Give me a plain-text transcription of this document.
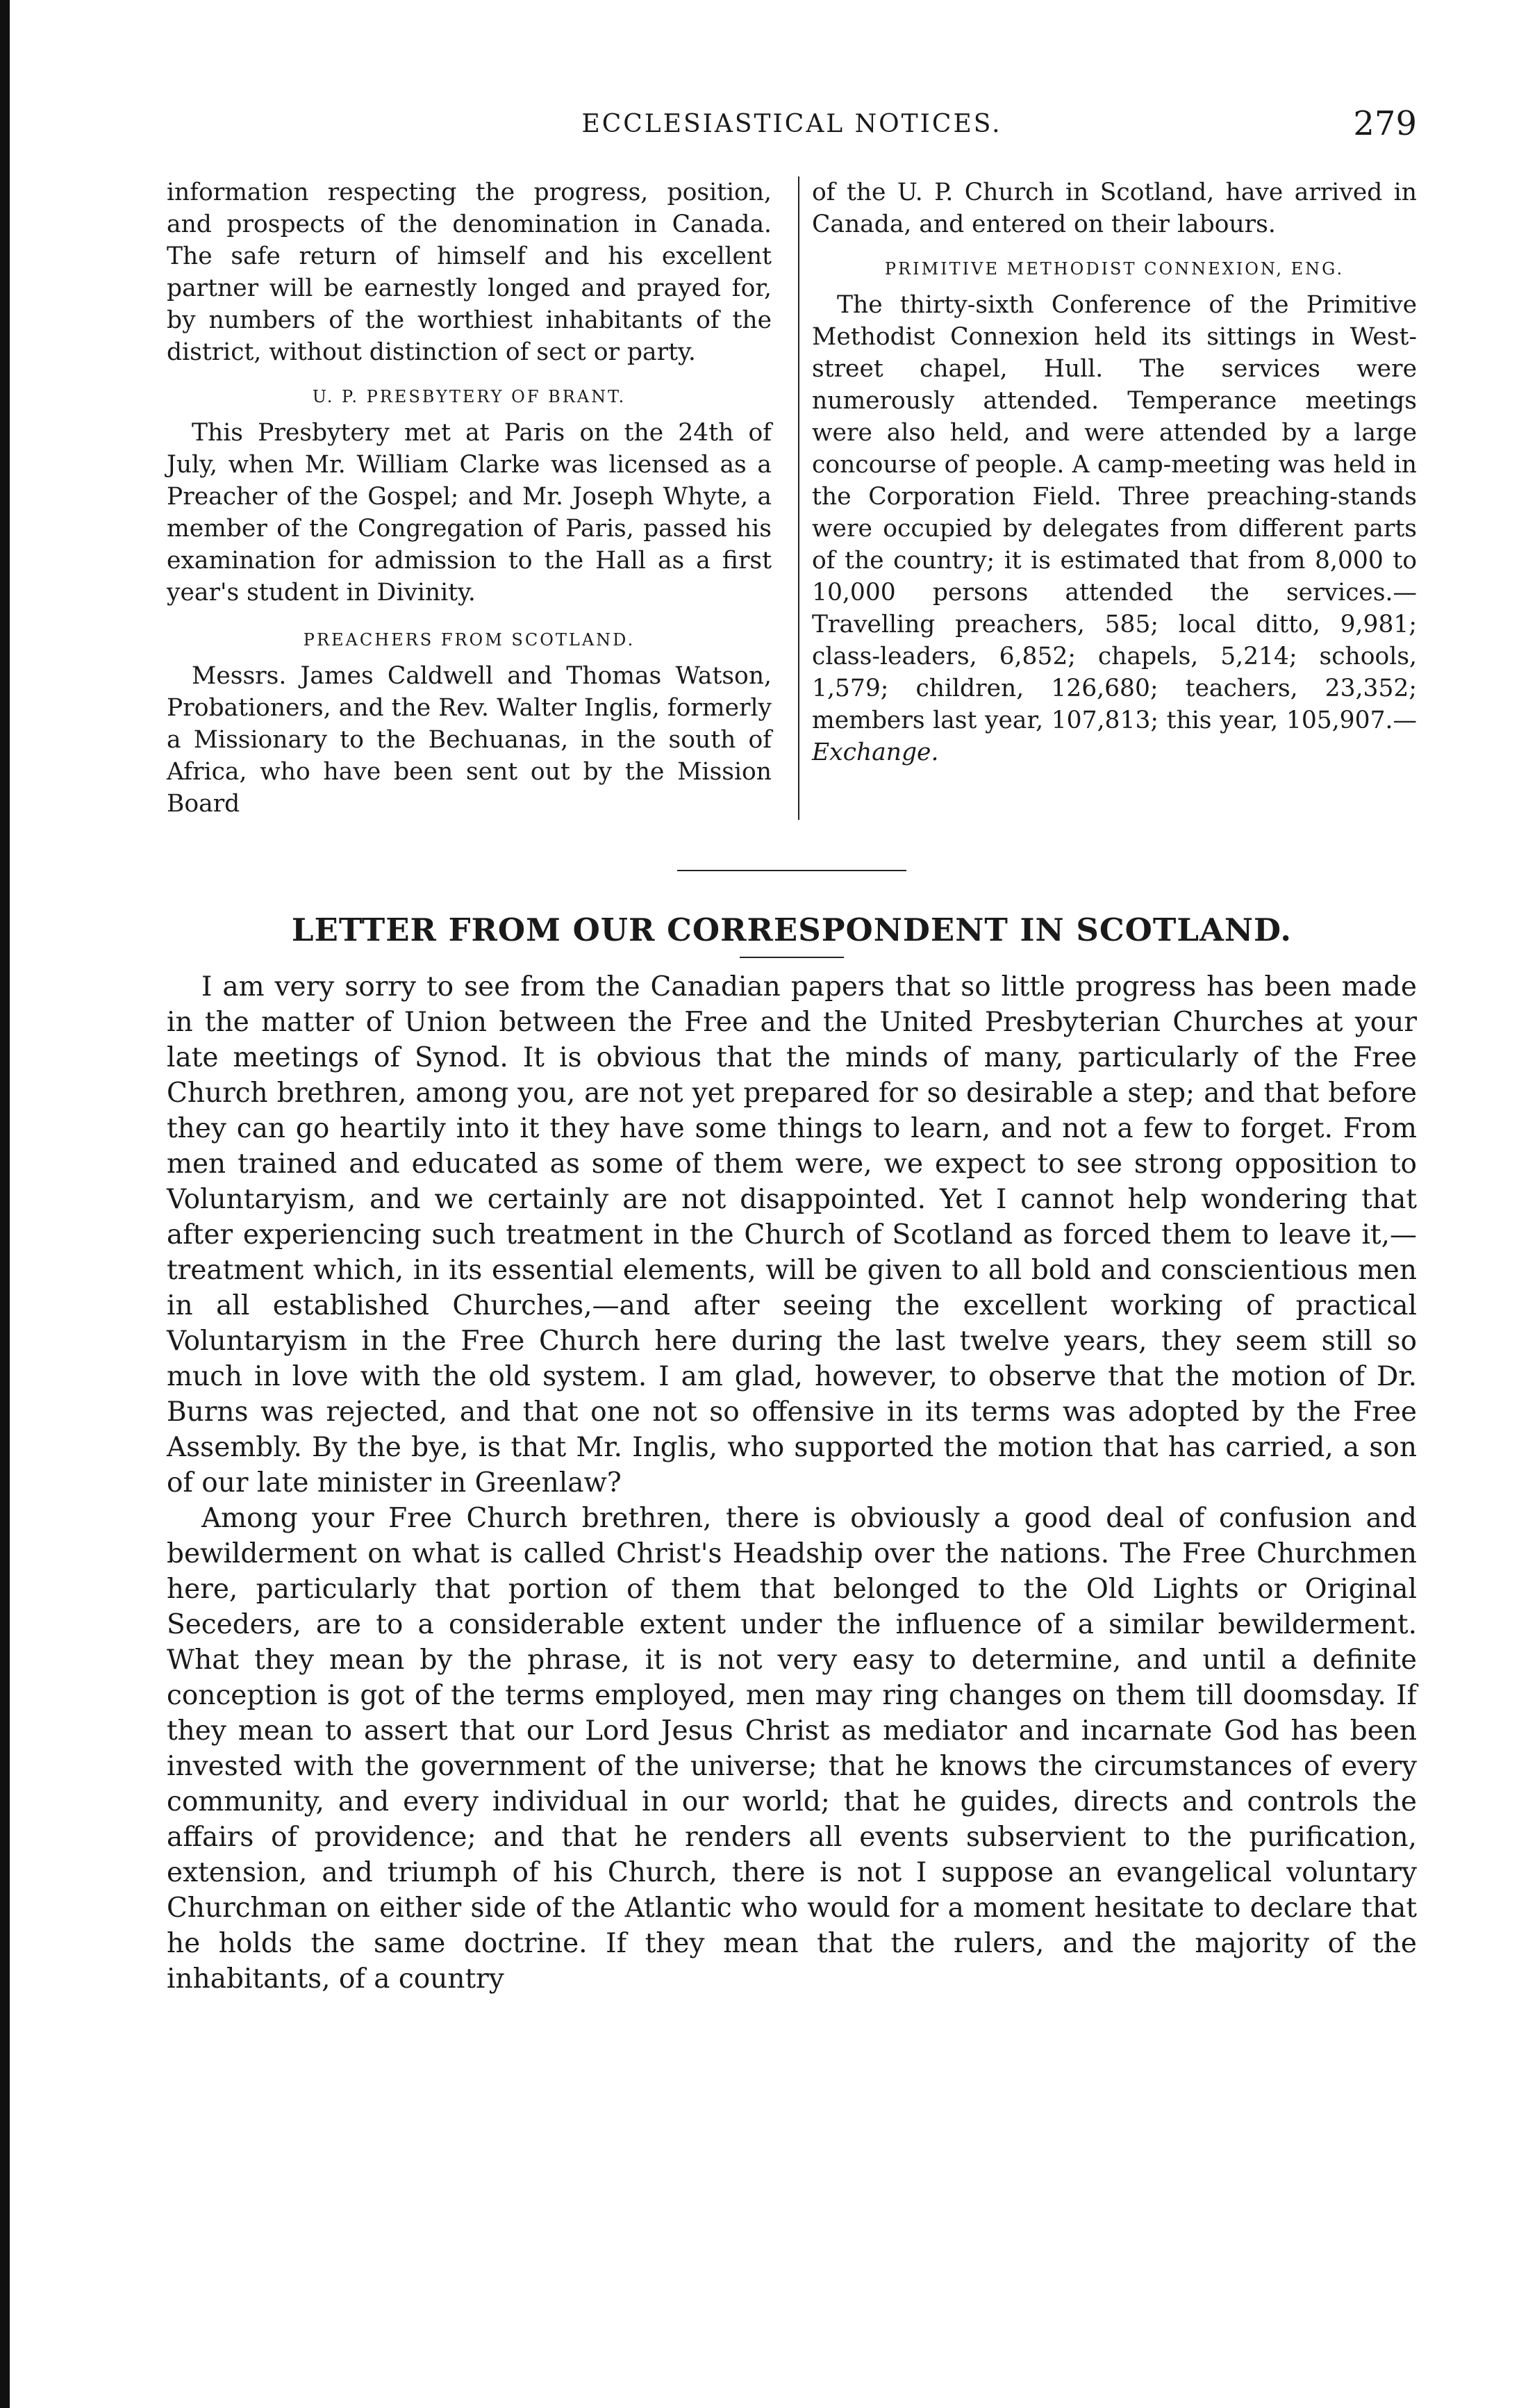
ECCLESIASTICAL NOTICES.	279

information respecting the progress, position, and prospects of the denomination in Canada. The safe return of himself and his excellent partner will be earnestly longed and prayed for, by numbers of the worthiest inhabitants of the district, without distinction of sect or party.

U. P. PRESBYTERY OF BRANT.

This Presbytery met at Paris on the 24th of July, when Mr. William Clarke was licensed as a Preacher of the Gospel; and Mr. Joseph Whyte, a member of the Congregation of Paris, passed his examination for admission to the Hall as a first year's student in Divinity.

PREACHERS FROM SCOTLAND.

Messrs. James Caldwell and Thomas Watson, Probationers, and the Rev. Walter Inglis, formerly a Missionary to the Bechuanas, in the south of Africa, who have been sent out by the Mission Board

of the U. P. Church in Scotland, have arrived in Canada, and entered on their labours.

PRIMITIVE METHODIST CONNEXION, ENG.

The thirty-sixth Conference of the Primitive Methodist Connexion held its sittings in West-street chapel, Hull. The services were numerously attended. Temperance meetings were also held, and were attended by a large concourse of people. A camp-meeting was held in the Corporation Field. Three preaching-stands were occupied by delegates from different parts of the country; it is estimated that from 8,000 to 10,000 persons attended the services.—Travelling preachers, 585; local ditto, 9,981; class-leaders, 6,852; chapels, 5,214; schools, 1,579; children, 126,680; teachers, 23,352; members last year, 107,813; this year, 105,907.—Exchange.

LETTER FROM OUR CORRESPONDENT IN SCOTLAND.

I am very sorry to see from the Canadian papers that so little progress has been made in the matter of Union between the Free and the United Presbyterian Churches at your late meetings of Synod. It is obvious that the minds of many, particularly of the Free Church brethren, among you, are not yet prepared for so desirable a step; and that before they can go heartily into it they have some things to learn, and not a few to forget. From men trained and educated as some of them were, we expect to see strong opposition to Voluntaryism, and we certainly are not disappointed. Yet I cannot help wondering that after experiencing such treatment in the Church of Scotland as forced them to leave it,—treatment which, in its essential elements, will be given to all bold and conscientious men in all established Churches,—and after seeing the excellent working of practical Voluntaryism in the Free Church here during the last twelve years, they seem still so much in love with the old system. I am glad, however, to observe that the motion of Dr. Burns was rejected, and that one not so offensive in its terms was adopted by the Free Assembly. By the bye, is that Mr. Inglis, who supported the motion that has carried, a son of our late minister in Greenlaw?

Among your Free Church brethren, there is obviously a good deal of confusion and bewilderment on what is called Christ's Headship over the nations. The Free Churchmen here, particularly that portion of them that belonged to the Old Lights or Original Seceders, are to a considerable extent under the influence of a similar bewilderment. What they mean by the phrase, it is not very easy to determine, and until a definite conception is got of the terms employed, men may ring changes on them till doomsday. If they mean to assert that our Lord Jesus Christ as mediator and incarnate God has been invested with the government of the universe; that he knows the circumstances of every community, and every individual in our world; that he guides, directs and controls the affairs of providence; and that he renders all events subservient to the purification, extension, and triumph of his Church, there is not I suppose an evangelical voluntary Churchman on either side of the Atlantic who would for a moment hesitate to declare that he holds the same doctrine. If they mean that the rulers, and the majority of the inhabitants, of a country
